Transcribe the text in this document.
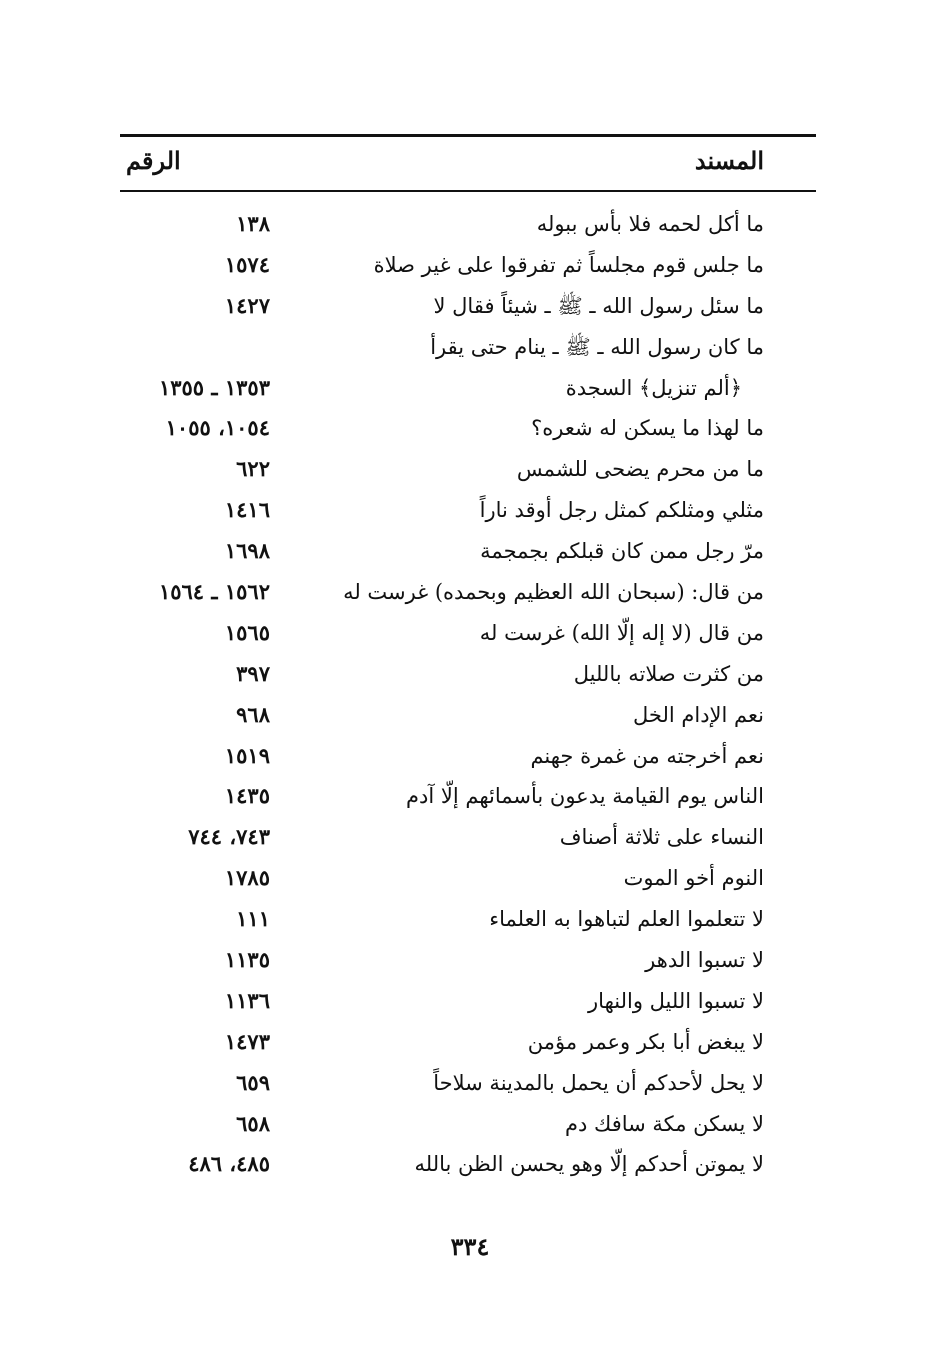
المسند
الرقم
ما أكل لحمه فلا بأس ببوله
١٣٨
ما جلس قوم مجلساً ثم تفرقوا على غير صلاة
١٥٧٤
ما سئل رسول الله ـ ﷺ ـ شيئاً فقال لا
١٤٢٧
ما كان رسول الله ـ ﷺ ـ ينام حتى يقرأ
﴿ألم تنزيل﴾ السجدة
١٣٥٣ ـ ١٣٥٥
ما لهذا ما يسكن له شعره؟
١٠٥٤، ١٠٥٥
ما من محرم يضحى للشمس
٦٢٢
مثلي ومثلكم كمثل رجل أوقد ناراً
١٤١٦
مرّ رجل ممن كان قبلكم بجمجمة
١٦٩٨
من قال: (سبحان الله العظيم وبحمده) غرست له
١٥٦٢ ـ ١٥٦٤
من قال (لا إله إلّا الله) غرست له
١٥٦٥
من كثرت صلاته بالليل
٣٩٧
نعم الإدام الخل
٩٦٨
نعم أخرجته من غمرة جهنم
١٥١٩
الناس يوم القيامة يدعون بأسمائهم إلّا آدم
١٤٣٥
النساء على ثلاثة أصناف
٧٤٣، ٧٤٤
النوم أخو الموت
١٧٨٥
لا تتعلموا العلم لتباهوا به العلماء
١١١
لا تسبوا الدهر
١١٣٥
لا تسبوا الليل والنهار
١١٣٦
لا يبغض أبا بكر وعمر مؤمن
١٤٧٣
لا يحل لأحدكم أن يحمل بالمدينة سلاحاً
٦٥٩
لا يسكن مكة سافك دم
٦٥٨
لا يموتن أحدكم إلّا وهو يحسن الظن بالله
٤٨٥، ٤٨٦
٣٣٤
